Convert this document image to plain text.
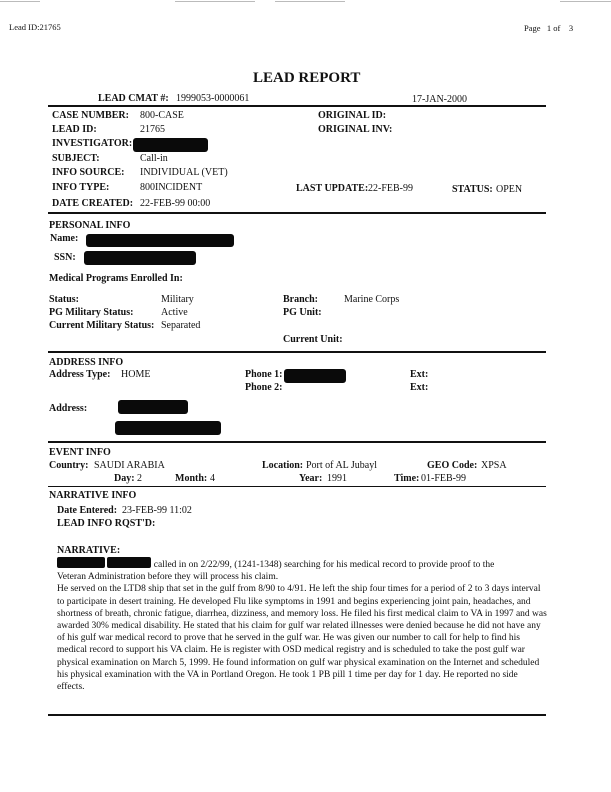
Lead ID:21765	Page 1 of 3
LEAD REPORT
LEAD CMAT #: 1999053-0000061	17-JAN-2000
CASE NUMBER: 800-CASE	ORIGINAL ID:
LEAD ID:	21765	ORIGINAL INV:
INVESTIGATOR:
SUBJECT:	Call-in
INFO SOURCE: INDIVIDUAL (VET)
INFO TYPE:	800INCIDENT	LAST UPDATE: 22-FEB-99	STATUS: OPEN
DATE CREATED: 22-FEB-99 00:00
PERSONAL INFO
Name:
SSN:
Medical Programs Enrolled In:
Status:	Military	Branch:	Marine Corps
PG Military Status:	Active	PG Unit:
Current Military Status: Separated
Current Unit:
ADDRESS INFO
Address Type: HOME	Phone 1:	Ext:
Phone 2:	Ext:
Address:
EVENT INFO
Country: SAUDI ARABIA	Location: Port of AL Jubayl	GEO Code: XPSA
Day: 2	Month: 4	Year: 1991	Time: 01-FEB-99
NARRATIVE INFO
Date Entered: 23-FEB-99 11:02
LEAD INFO RQST'D:
NARRATIVE:
called in on 2/22/99, (1241-1348) searching for his medical record to provide proof to the
Veteran Administration before they will process his claim.
He served on the LTD8 ship that set in the gulf from 8/90 to 4/91. He left the ship four times for a period of 2 to 3 days interval to participate in desert training. He developed Flu like symptoms in 1991 and begins experiencing joint pain, headaches, and shortness of breath, chronic fatigue, diarrhea, dizziness, and memory loss. He filed his first medical claim to VA in 1997 and was awarded 30% medical disability. He stated that his claim for gulf war related illnesses were denied because he did not have any of his gulf war medical record to prove that he served in the gulf war. He was given our number to call for help to find his medical record to support his VA claim. He is register with OSD medical registry and is scheduled to take the post gulf war physical examination on March 5, 1999. He found information on gulf war physical examination on the Internet and scheduled his physical examination with the VA in Portland Oregon. He took 1 PB pill 1 time per day for 1 day. He reported no side effects.
